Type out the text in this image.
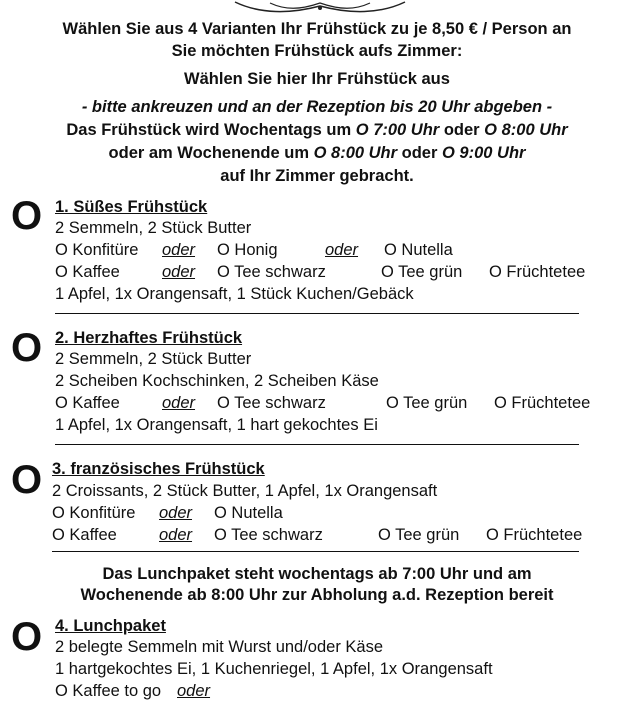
Wählen Sie aus 4 Varianten Ihr Frühstück zu je 8,50 € / Person an
Sie möchten Frühstück aufs Zimmer:
Wählen Sie hier Ihr Frühstück aus
- bitte ankreuzen und an der Rezeption bis 20 Uhr abgeben -
Das Frühstück wird Wochentags um O 7:00 Uhr oder O 8:00 Uhr
oder am Wochenende um O 8:00 Uhr oder O 9:00 Uhr
auf Ihr Zimmer gebracht.
O 1. Süßes Frühstück
2 Semmeln, 2 Stück Butter
O Konfitüre oder O Honig	oder O Nutella
O Kaffee	oder O Tee schwarz	O Tee grün O Früchtetee
1 Apfel, 1x Orangensaft, 1 Stück Kuchen/Gebäck
O 2. Herzhaftes Frühstück
2 Semmeln, 2 Stück Butter
2 Scheiben Kochschinken, 2 Scheiben Käse
O Kaffee	oder O Tee schwarz	O Tee grün O Früchtetee
1 Apfel, 1x Orangensaft, 1 hart gekochtes Ei
O 3. französisches Frühstück
2 Croissants, 2 Stück Butter, 1 Apfel, 1x Orangensaft
O Konfitüre oder O Nutella
O Kaffee	oder O Tee schwarz	O Tee grün O Früchtetee
Das Lunchpaket steht wochentags ab 7:00 Uhr und am
Wochenende ab 8:00 Uhr zur Abholung a.d. Rezeption bereit
O 4. Lunchpaket
2 belegte Semmeln mit Wurst und/oder Käse
1 hartgekochtes Ei, 1 Kuchenriegel, 1 Apfel, 1x Orangensaft
O Kaffee to go oder
